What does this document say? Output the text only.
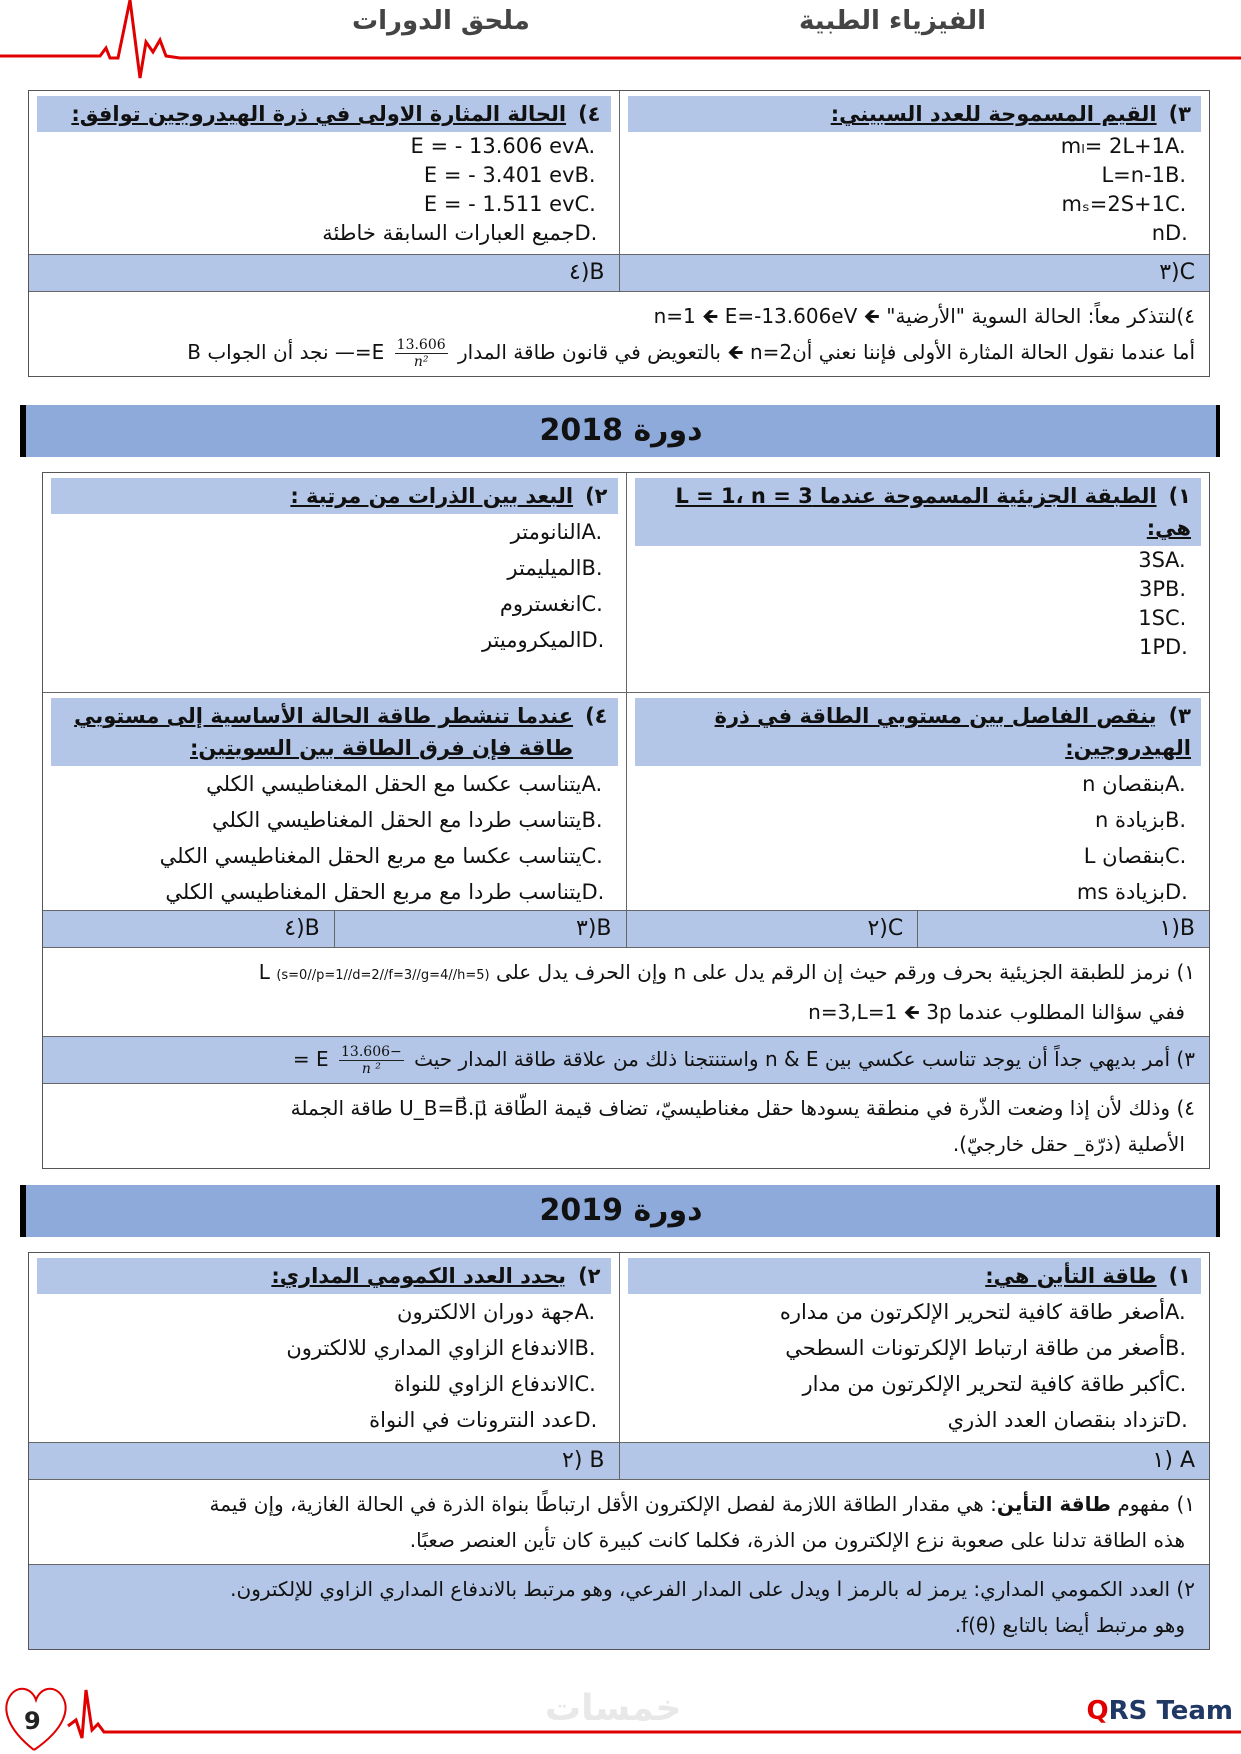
الفيزياء الطبية
ملحق الدورات
٣)القيم المسموحة للعدد السبيني:
A.mₗ= 2L+1
B.L=n-1
C.mₛ=2S+1
D.n
٤)الحالة المثارة الاولى في ذرة الهيدروجين توافق:
A.E = - 13.606 ev
B.E = - 3.401 ev
C.E = - 1.511 ev
D.جميع العبارات السابقة خاطئة
C(٣
B(٤
٤)لنتذكر معاً: الحالة السوية "الأرضية" 🡸 n=1 🡸 E=-13.606eV
أما عندما نقول الحالة المثارة الأولى فإننا نعني أنn=2 🡸 بالتعويض في قانون طاقة المدار
$\frac{13.606}{\text{n²}}$
E=— نجد أن الجواب B
دورة 2018
١)الطبقة الجزيئية المسموحة عندما L = 1، n = 3 هي:
A.3S
B.3P
C.1S
D.1P
٢)البعد بين الذرات من مرتبة :
A.النانومتر
B.الميليمتر
C.انغستروم
D.الميكروميتر
٣)ينقص الفاصل بين مستويي الطاقة في ذرة الهيدروجين:
A.بنقصان n
B.بزيادة n
C.بنقصان L
D.بزيادة ms
٤)عندما تنشطر طاقة الحالة الأساسية إلى مستويي
طاقة فإن فرق الطاقة بين السويتين:
A.يتناسب عكسا مع الحقل المغناطيسي الكلي
B.يتناسب طردا مع الحقل المغناطيسي الكلي
C.يتناسب عكسا مع مربع الحقل المغناطيسي الكلي
D.يتناسب طردا مع مربع الحقل المغناطيسي الكلي
B(١
C(٢
B(٣
B(٤
١) نرمز للطبقة الجزيئية بحرف ورقم حيث إن الرقم يدل على n وإن الحرف يدل على L (s=0//p=1//d=2//f=3//g=4//h=5)
ففي سؤالنا المطلوب عندما n=3,L=1 🡸 3p
٣) أمر بديهي جداً أن يوجد تناسب عكسي بين n & E واستنتجنا ذلك من علاقة طاقة المدار حيث
$\frac{-13.606}{\text{n ²}}$
E =
٤) وذلك لأن إذا وضعت الذّرة في منطقة يسودها حقل مغناطيسيّ، تضاف قيمة الطّاقة U_B=B⃗.μ⃗ طاقة الجملة
الأصلية (ذرّة_ حقل خارجيّ).
دورة 2019
١)طاقة التأين هي:
A.أصغر طاقة كافية لتحرير الإلكرتون من مداره
B.أصغر من طاقة ارتباط الإلكرتونات السطحي
C.أكبر طاقة كافية لتحرير الإلكرتون من مدار
D.تزداد بنقصان العدد الذري
٢)يحدد العدد الكمومي المداري:
A.جهة دوران الالكترون
B.الاندفاع الزاوي المداري للالكترون
C.الاندفاع الزاوي للنواة
D.عدد النترونات في النواة
A (١
B (٢
١) مفهوم طاقة التأين: هي مقدار الطاقة اللازمة لفصل الإلكترون الأقل ارتباطًا بنواة الذرة في الحالة الغازية، وإن قيمة
هذه الطاقة تدلنا على صعوبة نزع الإلكترون من الذرة، فكلما كانت كبيرة كان تأين العنصر صعبًا.
٢) العدد الكمومي المداري: يرمز له بالرمز l ويدل على المدار الفرعي، وهو مرتبط بالاندفاع المداري الزاوي للإلكترون.
وهو مرتبط أيضا بالتابع f(θ).
9	خمسات	QRS Team
